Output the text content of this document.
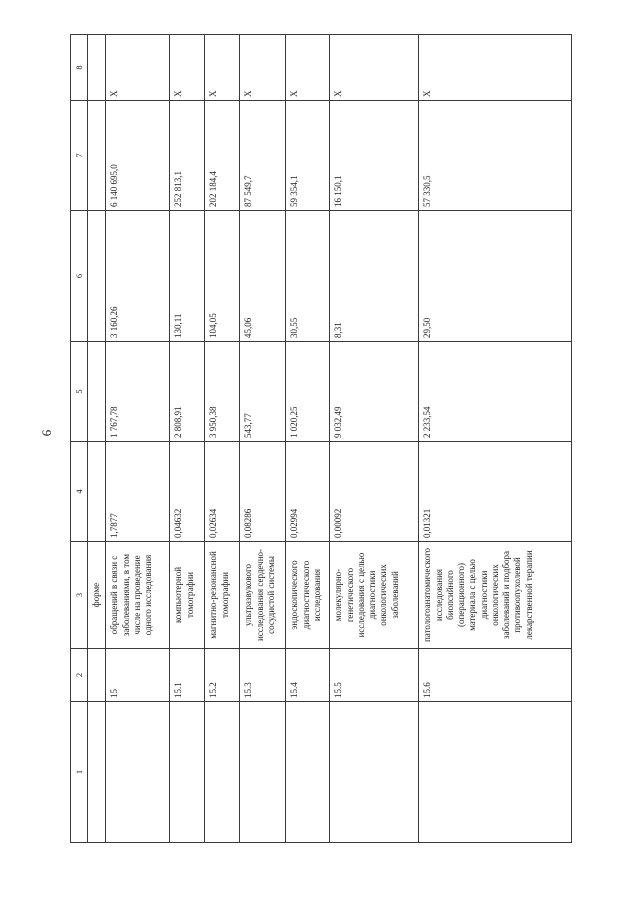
6
1	2	3	4	5	6	7	8
		форме					
	15	обращений в связи с заболеваниями, в том числе на проведение одного исследования	1,7877	1 767,78	3 160,26	6 140 695,0	X
	15.1	компьютерной томографии	0,04632	2 808,91	130,11	252 813,1	X
	15.2	магнитно-резонансной томографии	0,02634	3 950,38	104,05	202 184,4	X
	15.3	ультразвукового исследования сердечно-сосудистой системы	0,08286	543,77	45,06	87 549,7	X
	15.4	эндоскопического диагностического исследования	0,02994	1 020,25	30,55	59 354,1	X
	15.5	молекулярно-генетического исследования с целью диагностики онкологических заболеваний	0,00092	9 032,49	8,31	16 150,1	X
	15.6	патологоанатомического исследования биопсийного (операционного) материала с целью диагностики онкологических заболеваний и подбора противоопухолевой лекарственной терапии	0,01321	2 233,54	29,50	57 330,5	X
